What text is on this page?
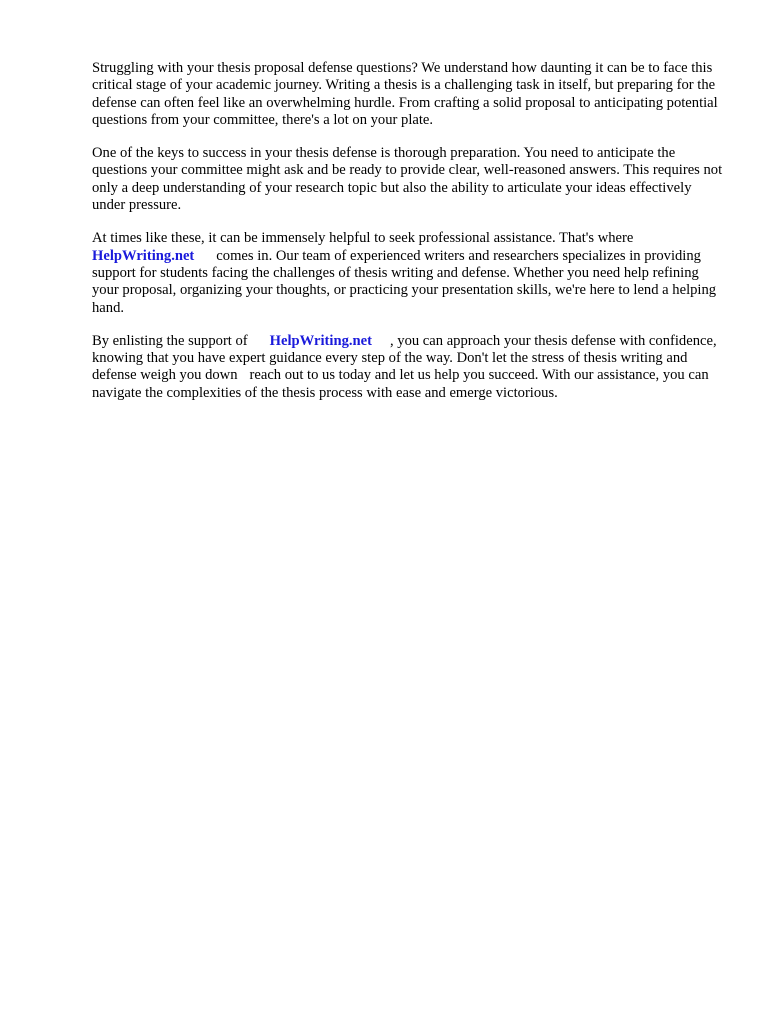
Struggling with your thesis proposal defense questions? We understand how daunting it can be to face this critical stage of your academic journey. Writing a thesis is a challenging task in itself, but preparing for the defense can often feel like an overwhelming hurdle. From crafting a solid proposal to anticipating potential questions from your committee, there's a lot on your plate.

One of the keys to success in your thesis defense is thorough preparation. You need to anticipate the questions your committee might ask and be ready to provide clear, well-reasoned answers. This requires not only a deep understanding of your research topic but also the ability to articulate your ideas effectively under pressure.

At times like these, it can be immensely helpful to seek professional assistance. That's where
HelpWriting.net comes in. Our team of experienced writers and researchers specializes in providing support for students facing the challenges of thesis writing and defense. Whether you need help refining your proposal, organizing your thoughts, or practicing your presentation skills, we're here to lend a helping hand.

By enlisting the support of HelpWriting.net , you can approach your thesis defense with confidence, knowing that you have expert guidance every step of the way. Don't let the stress of thesis writing and defense weigh you down reach out to us today and let us help you succeed. With our assistance, you can navigate the complexities of the thesis process with ease and emerge victorious.
